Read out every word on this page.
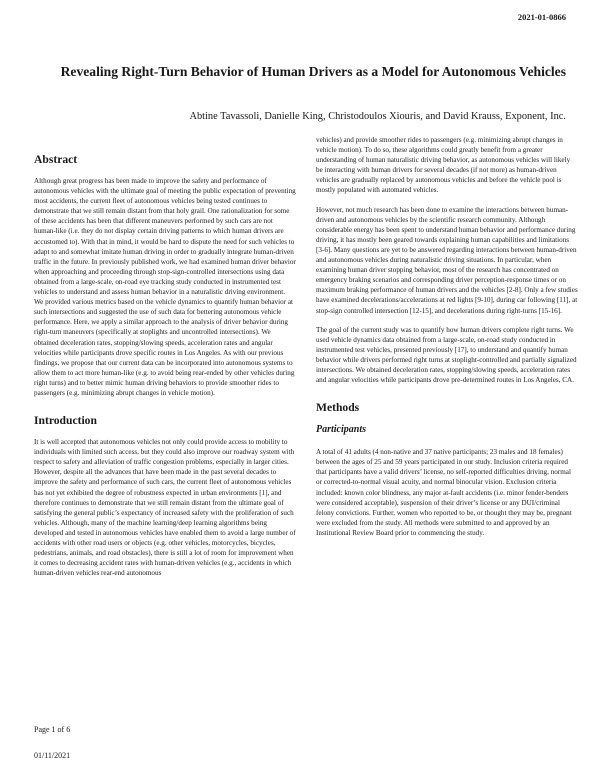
2021-01-0866
Revealing Right-Turn Behavior of Human Drivers as a Model for Autonomous Vehicles
Abtine Tavassoli, Danielle King, Christodoulos Xiouris, and David Krauss, Exponent, Inc.
Abstract

Although great progress has been made to improve the safety and performance of autonomous vehicles with the ultimate goal of meeting the public expectation of preventing most accidents, the current fleet of autonomous vehicles being tested continues to demonstrate that we still remain distant from that holy grail. One rationalization for some of these accidents has been that different maneuvers performed by such cars are not human-like (i.e. they do not display certain driving patterns to which human drivers are accustomed to). With that in mind, it would be hard to dispute the need for such vehicles to adapt to and somewhat imitate human driving in order to gradually integrate human-driven traffic in the future. In previously published work, we had examined human driver behavior when approaching and proceeding through stop-sign-controlled intersections using data obtained from a large-scale, on-road eye tracking study conducted in instrumented test vehicles to understand and assess human behavior in a naturalistic driving environment. We provided various metrics based on the vehicle dynamics to quantify human behavior at such intersections and suggested the use of such data for bettering autonomous vehicle performance. Here, we apply a similar approach to the analysis of driver behavior during right-turn maneuvers (specifically at stoplights and uncontrolled intersections). We obtained deceleration rates, stopping/slowing speeds, acceleration rates and angular velocities while participants drove specific routes in Los Angeles. As with our previous findings, we propose that our current data can be incorporated into autonomous systems to allow them to act more human-like (e.g. to avoid being rear-ended by other vehicles during right turns) and to better mimic human driving behaviors to provide smoother rides to passengers (e.g. minimizing abrupt changes in vehicle motion).

Introduction

It is well accepted that autonomous vehicles not only could provide access to mobility to individuals with limited such access, but they could also improve our roadway system with respect to safety and alleviation of traffic congestion problems, especially in larger cities. However, despite all the advances that have been made in the past several decades to improve the safety and performance of such cars, the current fleet of autonomous vehicles has not yet exhibited the degree of robustness expected in urban environments [1], and therefore continues to demonstrate that we still remain distant from the ultimate goal of satisfying the general public’s expectancy of increased safety with the proliferation of such vehicles. Although, many of the machine learning/deep learning algorithms being developed and tested in autonomous vehicles have enabled them to avoid a large number of accidents with other road users or objects (e.g. other vehicles, motorcycles, bicycles, pedestrians, animals, and road obstacles), there is still a lot of room for improvement when it comes to decreasing accident rates with human-driven vehicles (e.g., accidents in which human-driven vehicles rear-end autonomous

vehicles) and provide smoother rides to passengers (e.g. minimizing abrupt changes in vehicle motion). To do so, these algorithms could greatly benefit from a greater understanding of human naturalistic driving behavior, as autonomous vehicles will likely be interacting with human drivers for several decades (if not more) as human-driven vehicles are gradually replaced by autonomous vehicles and before the vehicle pool is mostly populated with automated vehicles.

However, not much research has been done to examine the interactions between human-driven and autonomous vehicles by the scientific research community. Although considerable energy has been spent to understand human behavior and performance during driving, it has mostly been geared towards explaining human capabilities and limitations [3-6]. Many questions are yet to be answered regarding interactions between human-driven and autonomous vehicles during naturalistic driving situations. In particular, when examining human driver stopping behavior, most of the research has concentrated on emergency braking scenarios and corresponding driver perception-response times or on maximum braking performance of human drivers and the vehicles [2-8]. Only a few studies have examined decelerations/accelerations at red lights [9-10], during car following [11], at stop-sign controlled intersection [12-15], and decelerations during right-turns [15-16].

The goal of the current study was to quantify how human drivers complete right turns. We used vehicle dynamics data obtained from a large-scale, on-road study conducted in instrumented test vehicles, presented previously [17], to understand and quantify human behavior while drivers performed right turns at stoplight-controlled and partially signalized intersections. We obtained deceleration rates, stopping/slowing speeds, acceleration rates and angular velocities while participants drove pre-determined routes in Los Angeles, CA.

Methods
Participants

A total of 41 adults (4 non-native and 37 native participants; 23 males and 18 females) between the ages of 25 and 59 years participated in our study. Inclusion criteria required that participants have a valid drivers’ license, no self-reported difficulties driving, normal or corrected-to-normal visual acuity, and normal binocular vision. Exclusion criteria included: known color blindness, any major at-fault accidents (i.e. minor fender-benders were considered acceptable), suspension of their driver’s license or any DUI/criminal felony convictions. Further, women who reported to be, or thought they may be, pregnant were excluded from the study. All methods were submitted to and approved by an Institutional Review Board prior to commencing the study.

Page 1 of 6
01/11/2021
